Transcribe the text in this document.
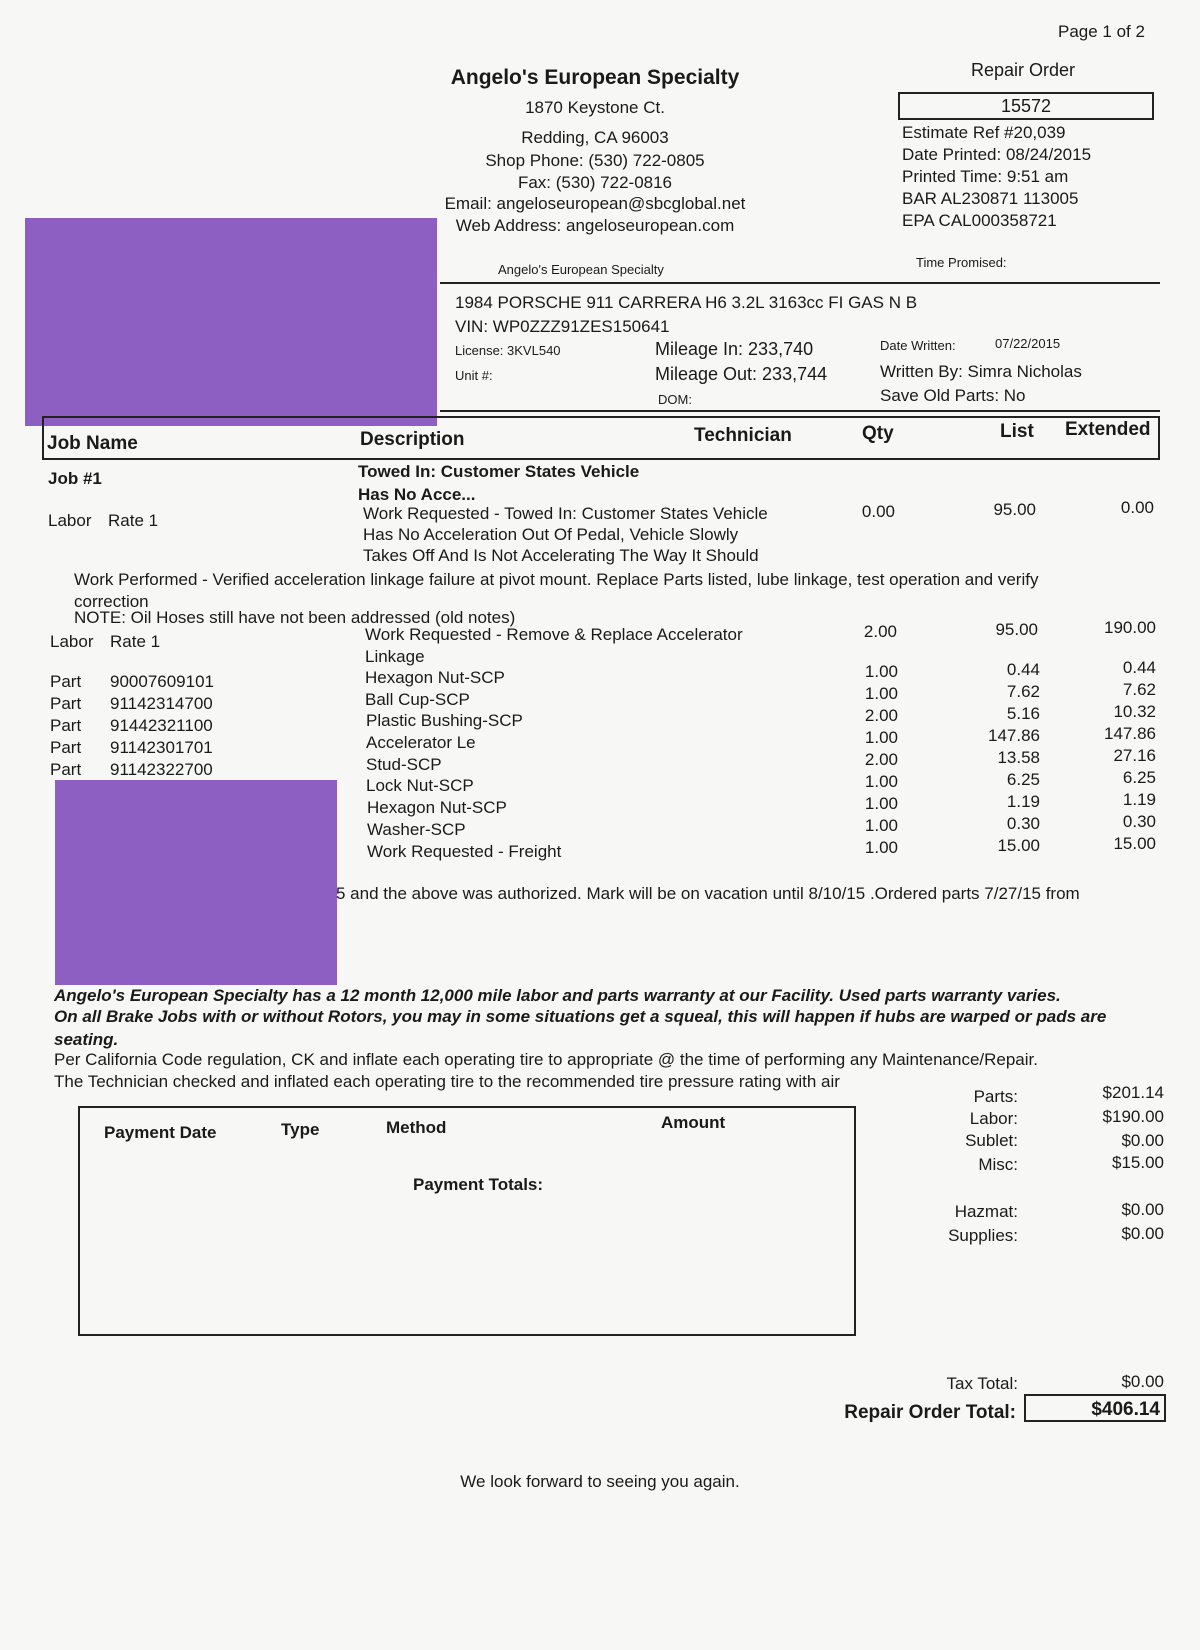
Page 1 of 2
Angelo's European Specialty
1870 Keystone Ct.
Redding, CA 96003
Shop Phone: (530) 722-0805
Fax: (530) 722-0816
Email: angeloseuropean@sbcglobal.net
Web Address: angeloseuropean.com
Angelo's European Specialty
Repair Order
15572
Estimate Ref #20,039
Date Printed: 08/24/2015
Printed Time: 9:51 am
BAR AL230871 113005
EPA CAL000358721
Time Promised:
1984 PORSCHE 911 CARRERA H6 3.2L 3163cc FI GAS N B
VIN: WP0ZZZ91ZES150641
License: 3KVL540
Unit #:
Mileage In: 233,740
Mileage Out: 233,744
DOM:
Date Written:	07/22/2015
Written By: Simra Nicholas
Save Old Parts: No
Job Name	Description	Technician	Qty	List Extended
Job #1	Towed In: Customer States Vehicle
Has No Acce...
Labor Rate 1	Work Requested - Towed In: Customer States Vehicle
Has No Acceleration Out Of Pedal, Vehicle Slowly
Takes Off And Is Not Accelerating The Way It Should
0.00	95.00	0.00
Work Performed - Verified acceleration linkage failure at pivot mount. Replace Parts listed, lube linkage, test operation and verify
correction
NOTE: Oil Hoses still have not been addressed (old notes)
Labor Rate 1	Work Requested - Remove & Replace Accelerator
Linkage
2.00	95.00	190.00
Part 90007609101	Hexagon Nut-SCP	1.00	0.44	0.44
Part 91142314700	Ball Cup-SCP	1.00	7.62	7.62
Part 91442321100	Plastic Bushing-SCP	2.00	5.16	10.32
Part 91142301701	Accelerator Le	1.00	147.86	147.86
Part 91142322700	Stud-SCP	2.00	13.58	27.16
Lock Nut-SCP	1.00	6.25	6.25
Hexagon Nut-SCP	1.00	1.19	1.19
Washer-SCP	1.00	0.30	0.30
Work Requested - Freight	1.00	15.00	15.00
5 and the above was authorized. Mark will be on vacation until 8/10/15 .Ordered parts 7/27/15 from
Angelo's European Specialty has a 12 month 12,000 mile labor and parts warranty at our Facility. Used parts warranty varies.
On all Brake Jobs with or without Rotors, you may in some situations get a squeal, this will happen if hubs are warped or pads are
seating.
Per California Code regulation, CK and inflate each operating tire to appropriate @ the time of performing any Maintenance/Repair.
The Technician checked and inflated each operating tire to the recommended tire pressure rating with air
Payment Date	Type	Method	Amount
Payment Totals:
Parts:	$201.14
Labor:	$190.00
Sublet:	$0.00
Misc:	$15.00
Hazmat:	$0.00
Supplies:	$0.00
Tax Total:	$0.00
Repair Order Total:	$406.14
We look forward to seeing you again.
